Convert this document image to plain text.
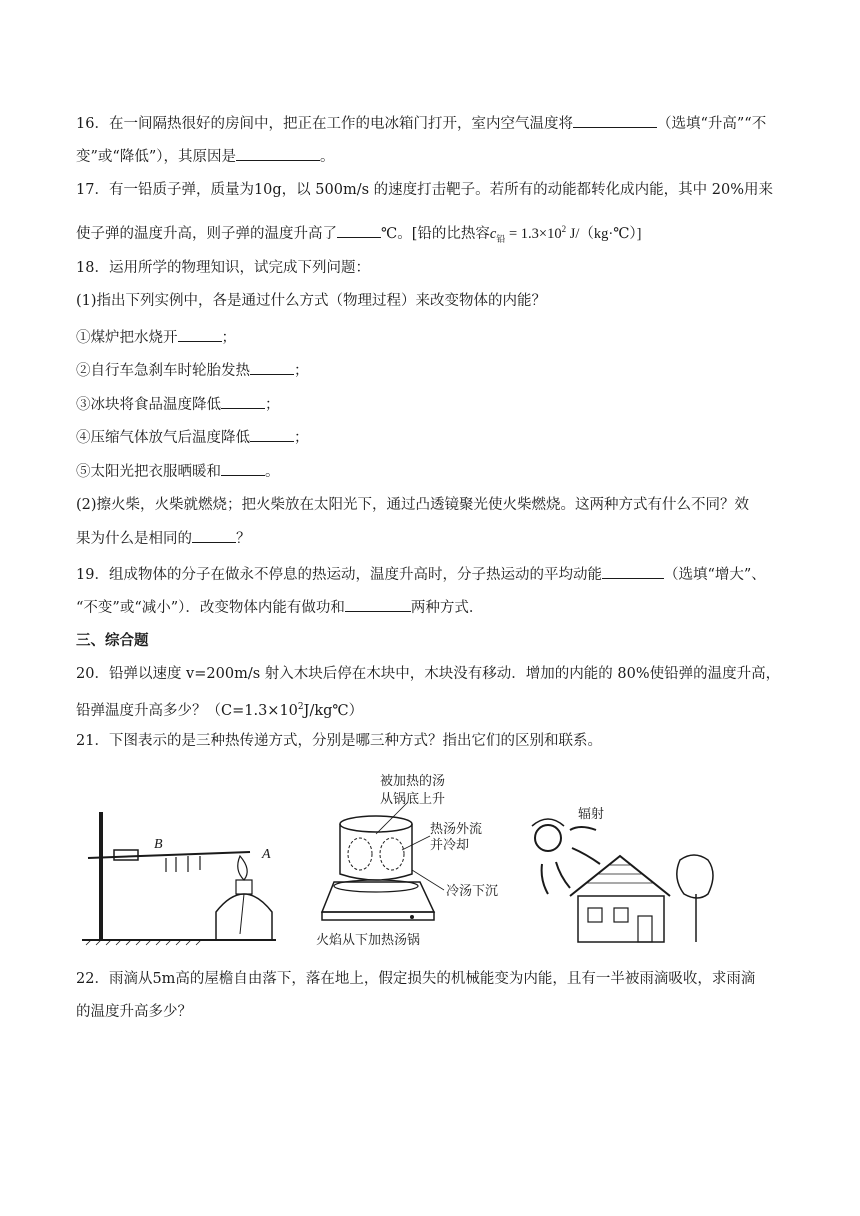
16．在一间隔热很好的房间中，把正在工作的电冰箱门打开，室内空气温度将	（选填“升高”“不
变”或“降低”），其原因是	。
17．有一铅质子弹，质量为10g，以 500m/s 的速度打击靶子。若所有的动能都转化成内能，其中 20%用来
使子弹的温度升高，则子弹的温度升高了	℃。[铅的比热容$c_铅 = 1.3\times 10^2$ J/（kg·℃）]
18．运用所学的物理知识，试完成下列问题：
(1)指出下列实例中，各是通过什么方式（物理过程）来改变物体的内能？
①煤炉把水烧开	；
②自行车急刹车时轮胎发热	；
③冰块将食品温度降低	；
④压缩气体放气后温度降低	；
⑤太阳光把衣服晒暖和	。
(2)擦火柴，火柴就燃烧；把火柴放在太阳光下，通过凸透镜聚光使火柴燃烧。这两种方式有什么不同？效
果为什么是相同的	？
19．组成物体的分子在做永不停息的热运动，温度升高时，分子热运动的平均动能	（选填“增大”、
“不变”或“减小”）．改变物体内能有做功和	两种方式．
三、综合题
20．铅弹以速度 v=200m/s 射入木块后停在木块中，木块没有移动．增加的内能的 80%使铅弹的温度升高，
铅弹温度升高多少？$(C=1.3\times 10^2J/kg℃)$
21．下图表示的是三种热传递方式，分别是哪三种方式？指出它们的区别和联系。
B
A
被加热的汤
从锅底上升
热汤外流
并冷却
冷汤下沉
火焰从下加热汤锅
辐射
22．雨滴从5m高的屋檐自由落下，落在地上，假定损失的机械能变为内能，且有一半被雨滴吸收，求雨滴
的温度升高多少？
